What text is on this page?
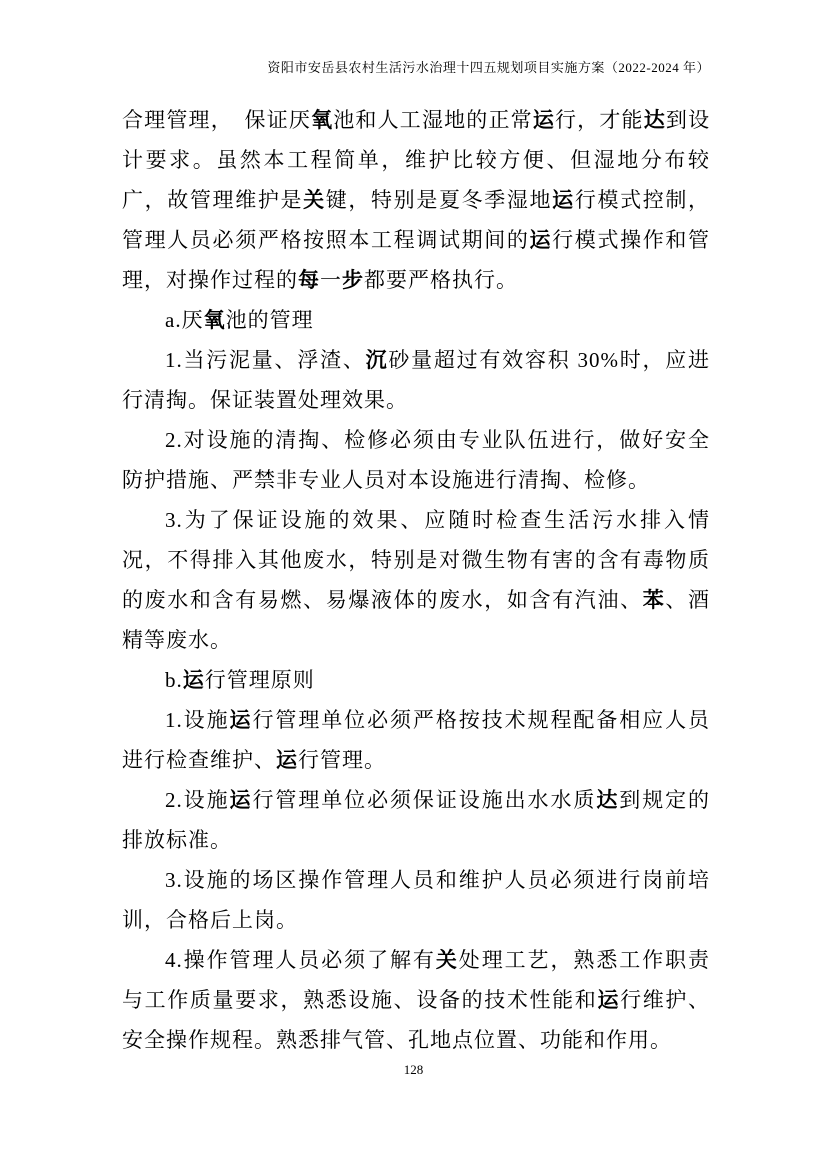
资阳市安岳县农村生活污水治理十四五规划项目实施方案（2022-2024 年）

合理管理，　保证厌氧池和人工湿地的正常运行，才能达到设计要求。虽然本工程简单，维护比较方便、但湿地分布较广，故管理维护是关键，特别是夏冬季湿地运行模式控制，管理人员必须严格按照本工程调试期间的运行模式操作和管理，对操作过程的每一步都要严格执行。

a.厌氧池的管理

1.当污泥量、浮渣、沉砂量超过有效容积 30%时，应进行清掏。保证装置处理效果。

2.对设施的清掏、检修必须由专业队伍进行，做好安全防护措施、严禁非专业人员对本设施进行清掏、检修。

3.为了保证设施的效果、应随时检查生活污水排入情况，不得排入其他废水，特别是对微生物有害的含有毒物质的废水和含有易燃、易爆液体的废水，如含有汽油、苯、酒精等废水。

b.运行管理原则

1.设施运行管理单位必须严格按技术规程配备相应人员进行检查维护、运行管理。

2.设施运行管理单位必须保证设施出水水质达到规定的排放标准。

3.设施的场区操作管理人员和维护人员必须进行岗前培训，合格后上岗。

4.操作管理人员必须了解有关处理工艺，熟悉工作职责与工作质量要求，熟悉设施、设备的技术性能和运行维护、安全操作规程。熟悉排气管、孔地点位置、功能和作用。

128
